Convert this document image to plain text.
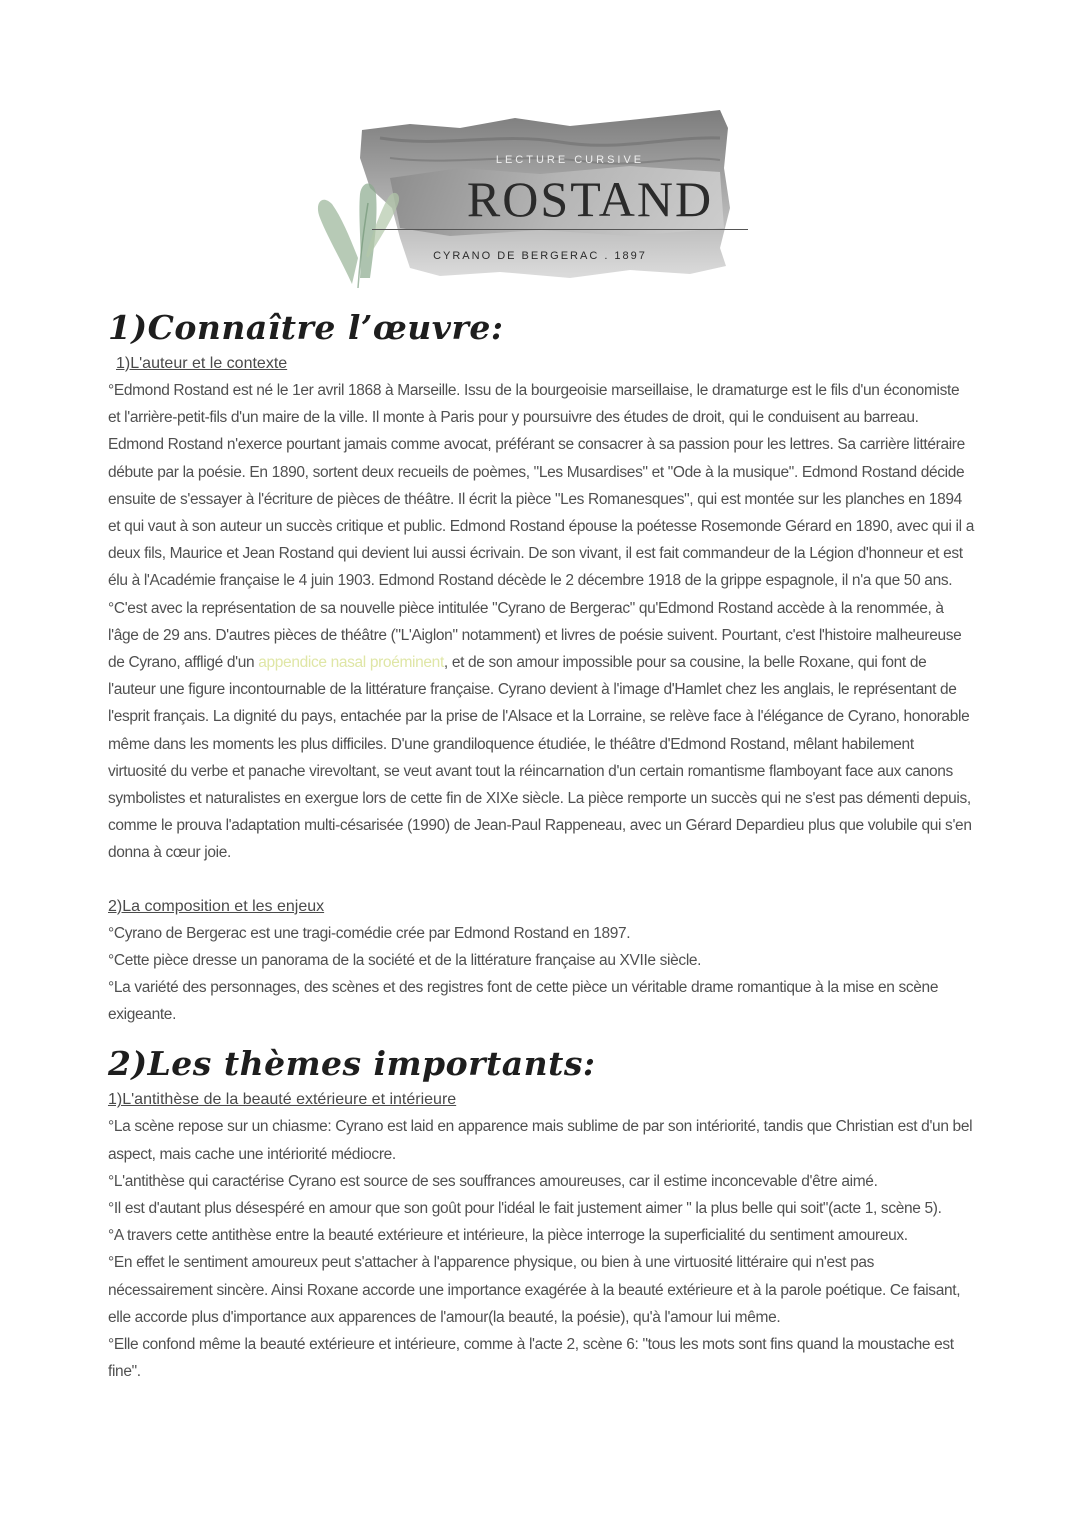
LECTURE CURSIVE
ROSTAND
CYRANO DE BERGERAC . 1897
1)Connaître l’œuvre:
1)L'auteur et le contexte

°Edmond Rostand est né le 1er avril 1868 à Marseille. Issu de la bourgeoisie marseillaise, le dramaturge est le fils d'un économiste et l'arrière-petit-fils d'un maire de la ville. Il monte à Paris pour y poursuivre des études de droit, qui le conduisent au barreau. Edmond Rostand n'exerce pourtant jamais comme avocat, préférant se consacrer à sa passion pour les lettres. Sa carrière littéraire débute par la poésie. En 1890, sortent deux recueils de poèmes, "Les Musardises" et "Ode à la musique". Edmond Rostand décide ensuite de s'essayer à l'écriture de pièces de théâtre. Il écrit la pièce "Les Romanesques", qui est montée sur les planches en 1894 et qui vaut à son auteur un succès critique et public. Edmond Rostand épouse la poétesse Rosemonde Gérard en 1890, avec qui il a deux fils, Maurice et Jean Rostand qui devient lui aussi écrivain. De son vivant, il est fait commandeur de la Légion d'honneur et est élu à l'Académie française le 4 juin 1903. Edmond Rostand décède le 2 décembre 1918 de la grippe espagnole, il n'a que 50 ans.

°C'est avec la représentation de sa nouvelle pièce intitulée "Cyrano de Bergerac" qu'Edmond Rostand accède à la renommée, à l'âge de 29 ans. D'autres pièces de théâtre ("L'Aiglon" notamment) et livres de poésie suivent. Pourtant, c'est l'histoire malheureuse de Cyrano, affligé d'un appendice nasal proéminent, et de son amour impossible pour sa cousine, la belle Roxane, qui font de l'auteur une figure incontournable de la littérature française. Cyrano devient à l'image d'Hamlet chez les anglais, le représentant de l'esprit français. La dignité du pays, entachée par la prise de l'Alsace et la Lorraine, se relève face à l'élégance de Cyrano, honorable même dans les moments les plus difficiles. D'une grandiloquence étudiée, le théâtre d'Edmond Rostand, mêlant habilement virtuosité du verbe et panache virevoltant, se veut avant tout la réincarnation d'un certain romantisme flamboyant face aux canons symbolistes et naturalistes en exergue lors de cette fin de XIXe siècle. La pièce remporte un succès qui ne s'est pas démenti depuis, comme le prouva l'adaptation multi-césarisée (1990) de Jean-Paul Rappeneau, avec un Gérard Depardieu plus que volubile qui s'en donna à cœur joie.

2)La composition et les enjeux

°Cyrano de Bergerac est une tragi-comédie crée par Edmond Rostand en 1897.

°Cette pièce dresse un panorama de la société et de la littérature française au XVIIe siècle.

°La variété des personnages, des scènes et des registres font de cette pièce un véritable drame romantique à la mise en scène exigeante.

2)Les thèmes importants:
1)L'antithèse de la beauté extérieure et intérieure

°La scène repose sur un chiasme: Cyrano est laid en apparence mais sublime de par son intériorité, tandis que Christian est d'un bel aspect, mais cache une intériorité médiocre.

°L'antithèse qui caractérise Cyrano est source de ses souffrances amoureuses, car il estime inconcevable d'être aimé.

°Il est d'autant plus désespéré en amour que son goût pour l'idéal le fait justement aimer " la plus belle qui soit"(acte 1, scène 5).

°A travers cette antithèse entre la beauté extérieure et intérieure, la pièce interroge la superficialité du sentiment amoureux.

°En effet le sentiment amoureux peut s'attacher à l'apparence physique, ou bien à une virtuosité littéraire qui n'est pas nécessairement sincère. Ainsi Roxane accorde une importance exagérée à la beauté extérieure et à la parole poétique. Ce faisant, elle accorde plus d'importance aux apparences de l'amour(la beauté, la poésie), qu'à l'amour lui même.

°Elle confond même la beauté extérieure et intérieure, comme à l'acte 2, scène 6: "tous les mots sont fins quand la moustache est fine".
